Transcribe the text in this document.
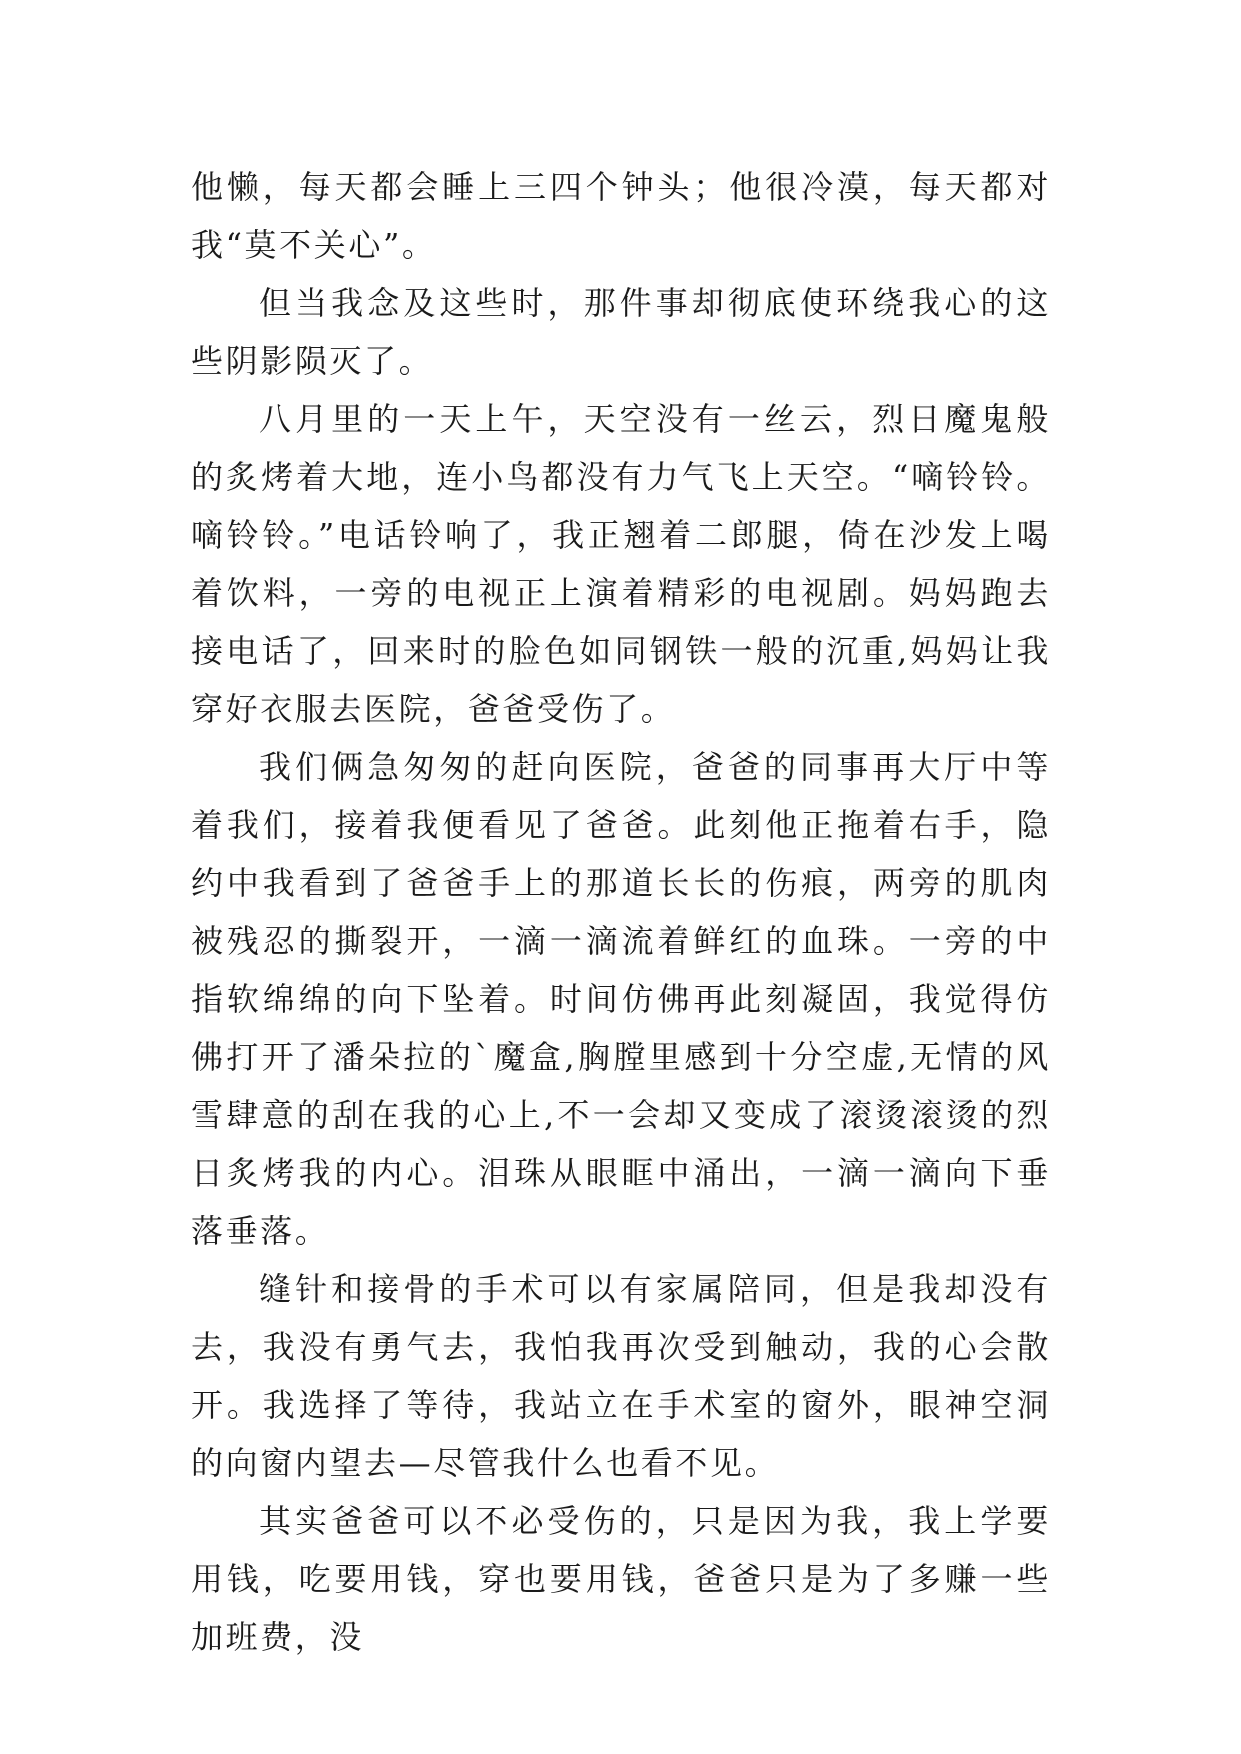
他懒，每天都会睡上三四个钟头；他很冷漠，每天都对我“莫不关心”。

但当我念及这些时，那件事却彻底使环绕我心的这些阴影陨灭了。

八月里的一天上午，天空没有一丝云，烈日魔鬼般的炙烤着大地，连小鸟都没有力气飞上天空。“嘀铃铃。嘀铃铃。”电话铃响了，我正翘着二郎腿，倚在沙发上喝着饮料，一旁的电视正上演着精彩的电视剧。妈妈跑去接电话了，回来时的脸色如同钢铁一般的沉重,妈妈让我穿好衣服去医院，爸爸受伤了。

我们俩急匆匆的赶向医院，爸爸的同事再大厅中等着我们，接着我便看见了爸爸。此刻他正拖着右手，隐约中我看到了爸爸手上的那道长长的伤痕，两旁的肌肉被残忍的撕裂开，一滴一滴流着鲜红的血珠。一旁的中指软绵绵的向下坠着。时间仿佛再此刻凝固，我觉得仿佛打开了潘朵拉的`魔盒,胸膛里感到十分空虚,无情的风雪肆意的刮在我的心上,不一会却又变成了滚烫滚烫的烈日炙烤我的内心。泪珠从眼眶中涌出，一滴一滴向下垂落垂落。

缝针和接骨的手术可以有家属陪同，但是我却没有去，我没有勇气去，我怕我再次受到触动，我的心会散开。我选择了等待，我站立在手术室的窗外，眼神空洞的向窗内望去—尽管我什么也看不见。

其实爸爸可以不必受伤的，只是因为我，我上学要用钱，吃要用钱，穿也要用钱，爸爸只是为了多赚一些加班费，没
